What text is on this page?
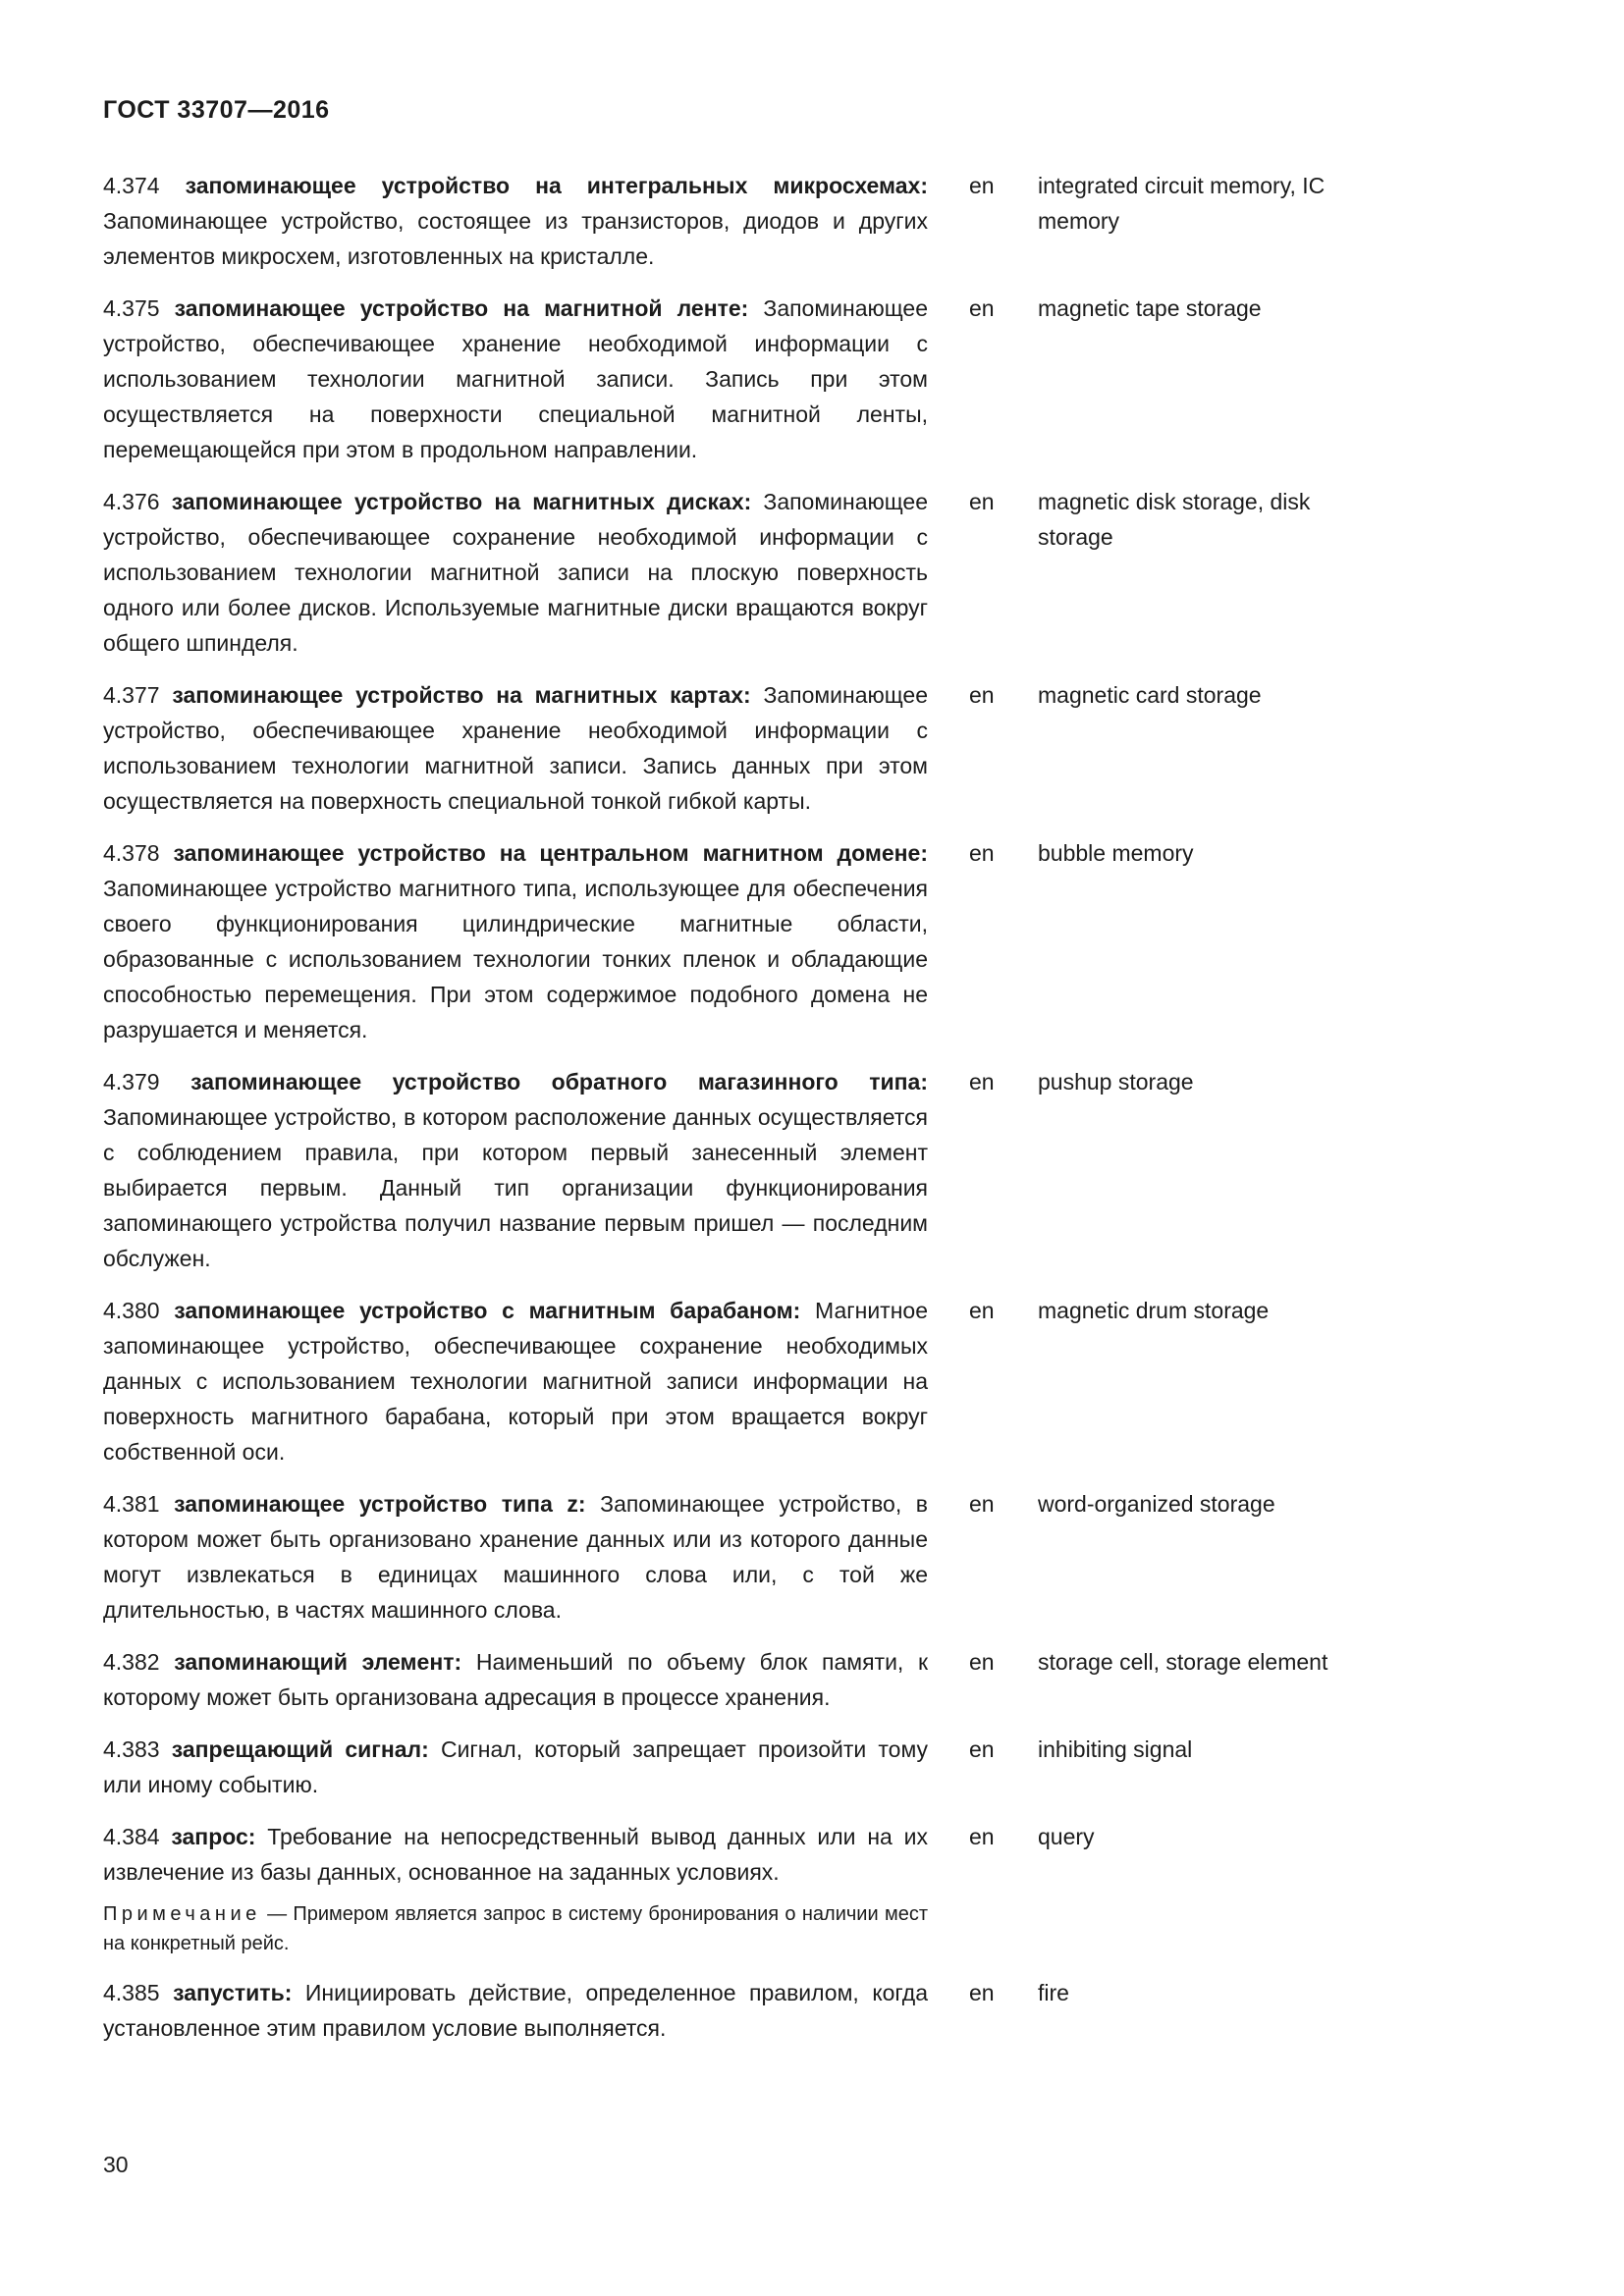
ГОСТ 33707—2016

4.374 запоминающее устройство на интегральных микросхемах: Запоминающее устройство, состоящее из транзисторов, диодов и других элементов микросхем, изготовленных на кристалле.

en	integrated circuit memory, IC memory

4.375 запоминающее устройство на магнитной ленте: Запоминающее устройство, обеспечивающее хранение необходимой информации с использованием технологии магнитной записи. Запись при этом осуществляется на поверхности специальной магнитной ленты, перемещающейся при этом в продольном направлении.

en	magnetic tape storage

4.376 запоминающее устройство на магнитных дисках: Запоминающее устройство, обеспечивающее сохранение необходимой информации с использованием технологии магнитной записи на плоскую поверхность одного или более дисков. Используемые магнитные диски вращаются вокруг общего шпинделя.

en	magnetic disk storage, disk storage

4.377 запоминающее устройство на магнитных картах: Запоминающее устройство, обеспечивающее хранение необходимой информации с использованием технологии магнитной записи. Запись данных при этом осуществляется на поверхность специальной тонкой гибкой карты.

en	magnetic card storage

4.378 запоминающее устройство на центральном магнитном домене: Запоминающее устройство магнитного типа, использующее для обеспечения своего функционирования цилиндрические магнитные области, образованные с использованием технологии тонких пленок и обладающие способностью перемещения. При этом содержимое подобного домена не разрушается и меняется.

en	bubble memory

4.379 запоминающее устройство обратного магазинного типа: Запоминающее устройство, в котором расположение данных осуществляется с соблюдением правила, при котором первый занесенный элемент выбирается первым. Данный тип организации функционирования запоминающего устройства получил название первым пришел — последним обслужен.

en	pushup storage

4.380 запоминающее устройство с магнитным барабаном: Магнитное запоминающее устройство, обеспечивающее сохранение необходимых данных с использованием технологии магнитной записи информации на поверхность магнитного барабана, который при этом вращается вокруг собственной оси.

en	magnetic drum storage

4.381 запоминающее устройство типа z: Запоминающее устройство, в котором может быть организовано хранение данных или из которого данные могут извлекаться в единицах машинного слова или, с той же длительностью, в частях машинного слова.

en	word-organized storage

4.382 запоминающий элемент: Наименьший по объему блок памяти, к которому может быть организована адресация в процессе хранения.

en	storage cell, storage element

4.383 запрещающий сигнал: Сигнал, который запрещает произойти тому или иному событию.

en	inhibiting signal

4.384 запрос: Требование на непосредственный вывод данных или на их извлечение из базы данных, основанное на заданных условиях.

Примечание — Примером является запрос в систему бронирования о наличии мест на конкретный рейс.

en	query

4.385 запустить: Инициировать действие, определенное правилом, когда установленное этим правилом условие выполняется.

en	fire
30
